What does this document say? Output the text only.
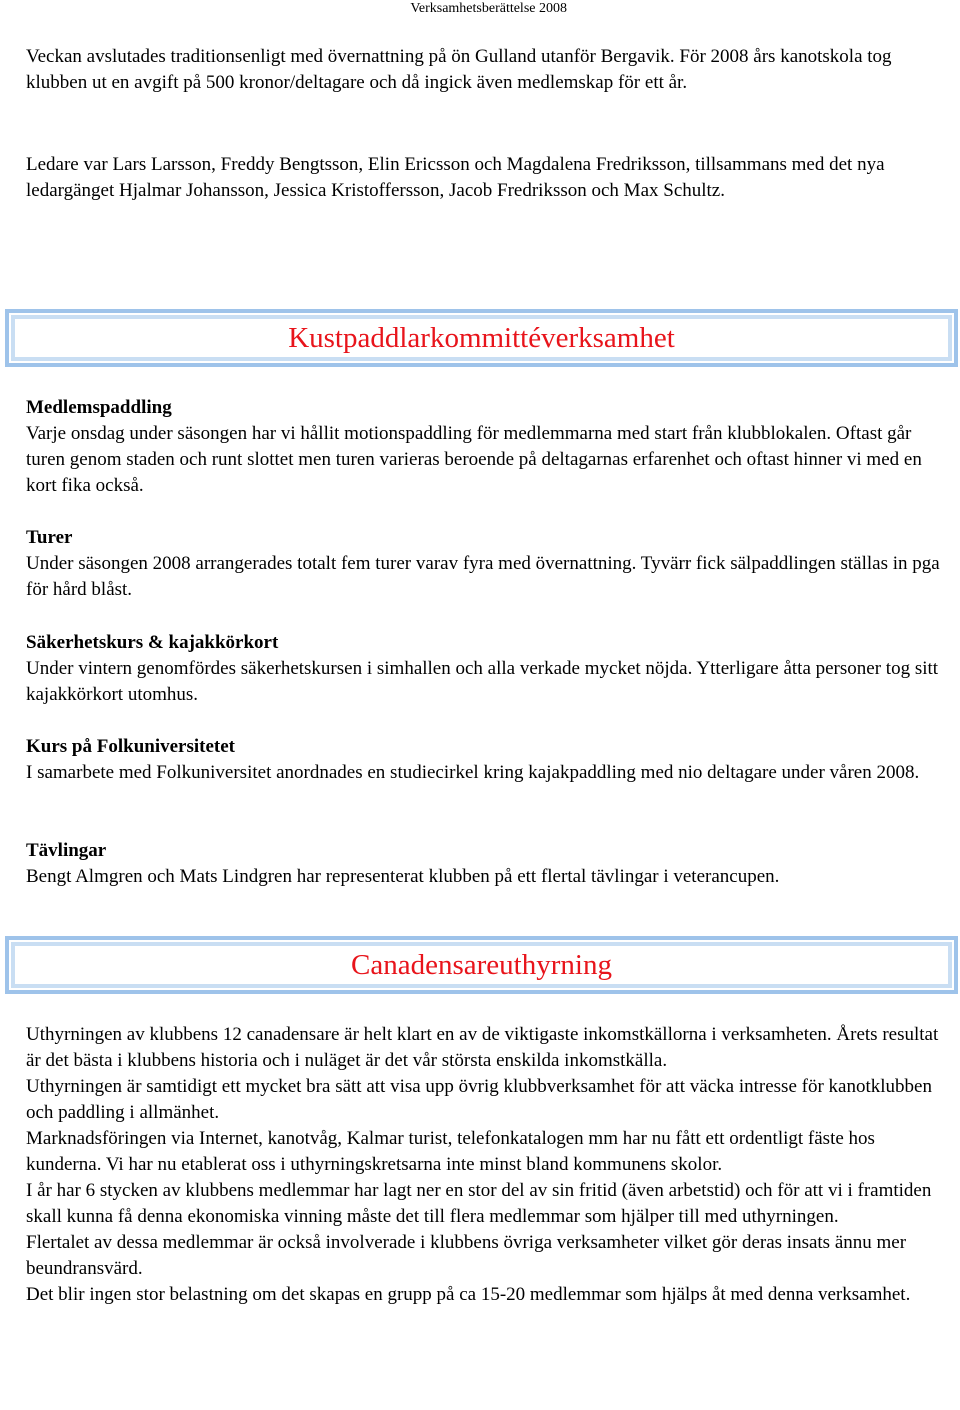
Verksamhetsberättelse 2008

Veckan avslutades traditionsenligt med övernattning på ön Gulland utanför Bergavik. För 2008 års kanotskola tog klubben ut en avgift på 500 kronor/deltagare och då ingick även medlemskap för ett år.

Ledare var Lars Larsson, Freddy Bengtsson, Elin Ericsson och Magdalena Fredriksson, tillsammans med det nya ledargänget Hjalmar Johansson, Jessica Kristoffersson, Jacob Fredriksson och Max Schultz.

Kustpaddlarkommittéverksamhet
Medlemspaddling

Varje onsdag under säsongen har vi hållit motionspaddling för medlemmarna med start från klubblokalen. Oftast går turen genom staden och runt slottet men turen varieras beroende på deltagarnas erfarenhet och oftast hinner vi med en kort fika också.

Turer

Under säsongen 2008 arrangerades totalt fem turer varav fyra med övernattning. Tyvärr fick sälpaddlingen ställas in pga för hård blåst.

Säkerhetskurs & kajakkörkort

Under vintern genomfördes säkerhetskursen i simhallen och alla verkade mycket nöjda. Ytterligare åtta personer tog sitt kajakkörkort utomhus.

Kurs på Folkuniversitetet

I samarbete med Folkuniversitet anordnades en studiecirkel kring kajakpaddling med nio deltagare under våren 2008.

Tävlingar

Bengt Almgren och Mats Lindgren har representerat klubben på ett flertal tävlingar i veterancupen.

Canadensareuthyrning

Uthyrningen av klubbens 12 canadensare är helt klart en av de viktigaste inkomstkällorna i verksamheten. Årets resultat är det bästa i klubbens historia och i nuläget är det vår största enskilda inkomstkälla.

Uthyrningen är samtidigt ett mycket bra sätt att visa upp övrig klubbverksamhet för att väcka intresse för kanotklubben och paddling i allmänhet.

Marknadsföringen via Internet, kanotvåg, Kalmar turist, telefonkatalogen mm har nu fått ett ordentligt fäste hos kunderna. Vi har nu etablerat oss i uthyrningskretsarna inte minst bland kommunens skolor.

I år har 6 stycken av klubbens medlemmar har lagt ner en stor del av sin fritid (även arbetstid) och för att vi i framtiden skall kunna få denna ekonomiska vinning måste det till flera medlemmar som hjälper till med uthyrningen.

Flertalet av dessa medlemmar är också involverade i klubbens övriga verksamheter vilket gör deras insats ännu mer beundransvärd.

Det blir ingen stor belastning om det skapas en grupp på ca 15-20 medlemmar som hjälps åt med denna verksamhet.
